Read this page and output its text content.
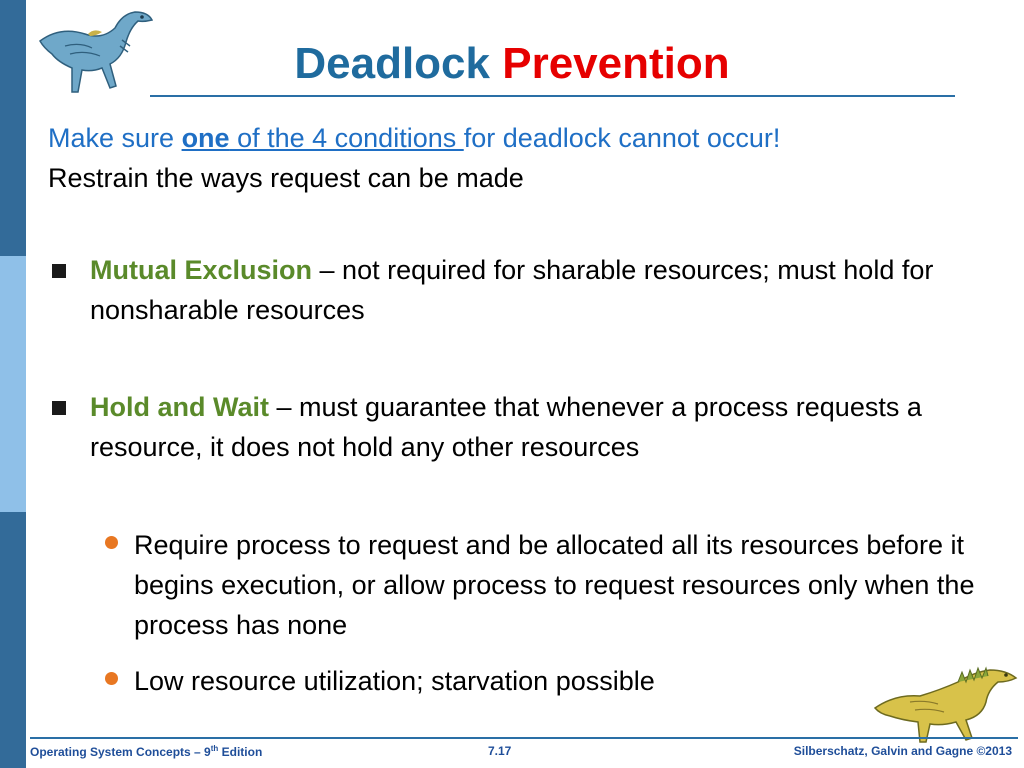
Deadlock Prevention
Make sure one of the 4 conditions for deadlock cannot occur!
Restrain the ways request can be made
Mutual Exclusion – not required for sharable resources; must hold for nonsharable resources
Hold and Wait – must guarantee that whenever a process requests a resource, it does not hold any other resources
Require process to request and be allocated all its resources before it begins execution, or allow process to request resources only when the process has none
Low resource utilization; starvation possible
Operating System Concepts – 9th Edition	7.17	Silberschatz, Galvin and Gagne ©2013
